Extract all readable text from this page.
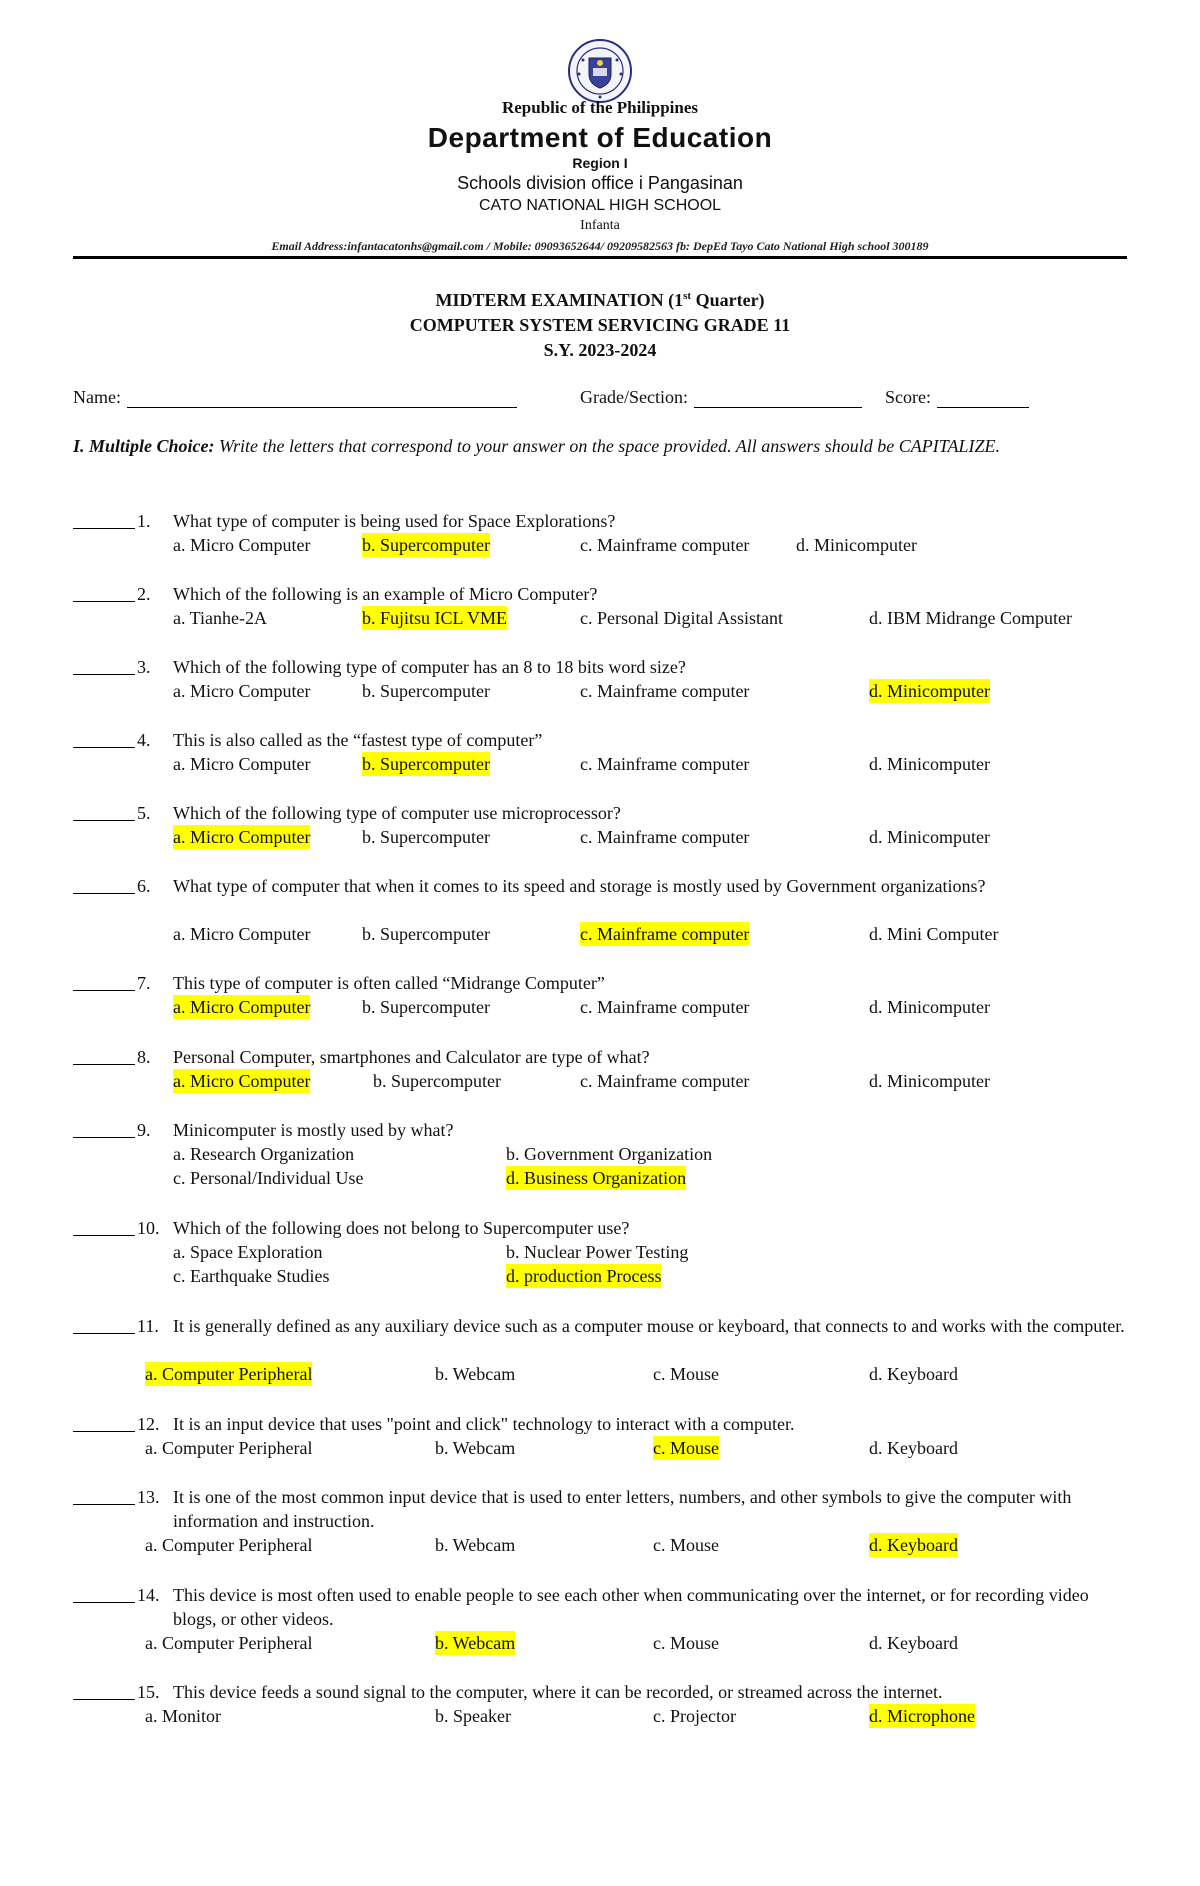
Republic of the Philippines
Department of Education
Region I
Schools division office i Pangasinan
CATO NATIONAL HIGH SCHOOL
Infanta
Email Address:infantacatonhs@gmail.com / Mobile: 09093652644/ 09209582563 fb: DepEd Tayo Cato National High school 300189
MIDTERM EXAMINATION (1st Quarter)
COMPUTER SYSTEM SERVICING GRADE 11
S.Y. 2023-2024
Name:	Grade/Section:	Score:
I. Multiple Choice: Write the letters that correspond to your answer on the space provided. All answers should be CAPITALIZE.
1. What type of computer is being used for Space Explorations?
a. Micro Computer	b. Supercomputer	c. Mainframe computer	d. Minicomputer
2. Which of the following is an example of Micro Computer?
a. Tianhe-2A	b. Fujitsu ICL VME	c. Personal Digital Assistant	d. IBM Midrange Computer
3. Which of the following type of computer has an 8 to 18 bits word size?
a. Micro Computer	b. Supercomputer	c. Mainframe computer	d. Minicomputer
4. This is also called as the “fastest type of computer”
a. Micro Computer	b. Supercomputer	c. Mainframe computer	d. Minicomputer
5. Which of the following type of computer use microprocessor?
a. Micro Computer	b. Supercomputer	c. Mainframe computer	d. Minicomputer
6. What type of computer that when it comes to its speed and storage is mostly used by Government organizations?
a. Micro Computer	b. Supercomputer	c. Mainframe computer	d. Mini Computer
7. This type of computer is often called “Midrange Computer”
a. Micro Computer	b. Supercomputer	c. Mainframe computer	d. Minicomputer
8. Personal Computer, smartphones and Calculator are type of what?
a. Micro Computer	b. Supercomputer	c. Mainframe computer	d. Minicomputer
9. Minicomputer is mostly used by what?
a. Research Organization	b. Government Organization
c. Personal/Individual Use	d. Business Organization
10. Which of the following does not belong to Supercomputer use?
a. Space Exploration	b. Nuclear Power Testing
c. Earthquake Studies	d. production Process
11. It is generally defined as any auxiliary device such as a computer mouse or keyboard, that connects to and works with the computer.
a. Computer Peripheral	b. Webcam	c. Mouse	d. Keyboard
12. It is an input device that uses "point and click" technology to interact with a computer.
a. Computer Peripheral	b. Webcam	c. Mouse	d. Keyboard
13. It is one of the most common input device that is used to enter letters, numbers, and other symbols to give the computer with information and instruction.
a. Computer Peripheral	b. Webcam	c. Mouse	d. Keyboard
14. This device is most often used to enable people to see each other when communicating over the internet, or for recording video blogs, or other videos.
a. Computer Peripheral	b. Webcam	c. Mouse	d. Keyboard
15. This device feeds a sound signal to the computer, where it can be recorded, or streamed across the internet.
a. Monitor	b. Speaker	c. Projector	d. Microphone
